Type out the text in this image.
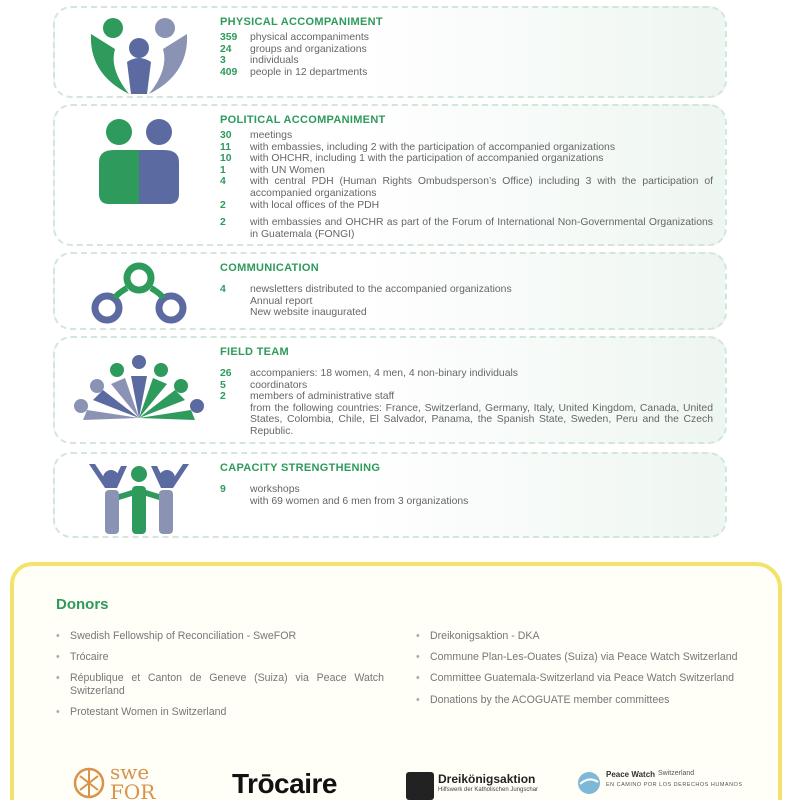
PHYSICAL ACCOMPANIMENT
359	physical accompaniments
24	groups and organizations
3	individuals
409	people in 12 departments
POLITICAL ACCOMPANIMENT
30	meetings
11	with embassies, including 2 with the participation of accompanied organizations
10	with OHCHR, including 1 with the participation of accompanied organizations
1	with UN Women
4	with central PDH (Human Rights Ombudsperson’s Office) including 3 with the participation of accompanied organizations
2	with local offices of the PDH
2	with embassies and OHCHR as part of the Forum of International Non-Governmental Organizations in Guatemala (FONGI)
COMMUNICATION
4	newsletters distributed to the accompanied organizations
Annual report
New website inaugurated
FIELD TEAM
26	accompaniers: 18 women, 4 men, 4 non-binary individuals
5	coordinators
2	members of administrative staff
from the following countries: France, Switzerland, Germany, Italy, United Kingdom, Canada, United States, Colombia, Chile, El Salvador, Panama, the Spanish State, Sweden, Peru and the Czech Republic.
CAPACITY STRENGTHENING
9	workshops
with 69 women and 6 men from 3 organizations
Donors
• Swedish Fellowship of Reconciliation - SweFOR
• Trócaire
• République et Canton de Geneve (Suiza) via Peace Watch Switzerland
• Protestant Women in Switzerland
• Dreikonigsaktion - DKA
• Commune Plan-Les-Ouates (Suiza) via Peace Watch Switzerland
• Committee Guatemala-Switzerland via Peace Watch Switzerland
• Donations by the ACOGUATE member committees
swe FOR	Trōcaire	Dreikönigsaktion
Hilfswerk der Katholischen Jungschar
Peace Watch Switzerland
EN CAMINO POR LOS DERECHOS HUMANOS
